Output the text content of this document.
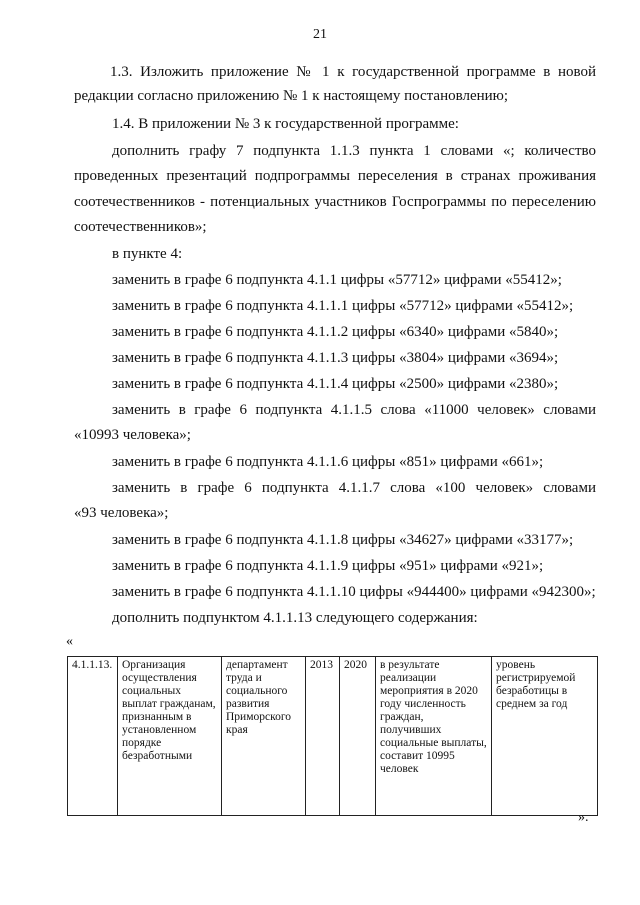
21
1.3. Изложить приложение № 1 к государственной программе в новой
редакции согласно приложению № 1 к настоящему постановлению;
1.4. В приложении № 3 к государственной программе:
дополнить графу 7 подпункта 1.1.3 пункта 1 словами «; количество
проведенных презентаций подпрограммы переселения в странах проживания
соотечественников - потенциальных участников Госпрограммы по переселению
соотечественников»;
в пункте 4:
заменить в графе 6 подпункта 4.1.1 цифры «57712» цифрами «55412»;
заменить в графе 6 подпункта 4.1.1.1 цифры «57712» цифрами «55412»;
заменить в графе 6 подпункта 4.1.1.2 цифры «6340» цифрами «5840»;
заменить в графе 6 подпункта 4.1.1.3 цифры «3804» цифрами «3694»;
заменить в графе 6 подпункта 4.1.1.4 цифры «2500» цифрами «2380»;
заменить в графе 6 подпункта 4.1.1.5 слова «11000 человек» словами
«10993 человека»;
заменить в графе 6 подпункта 4.1.1.6 цифры «851» цифрами «661»;
заменить в графе 6 подпункта 4.1.1.7 слова «100 человек» словами
«93 человека»;
заменить в графе 6 подпункта 4.1.1.8 цифры «34627» цифрами «33177»;
заменить в графе 6 подпункта 4.1.1.9 цифры «951» цифрами «921»;
заменить в графе 6 подпункта 4.1.1.10 цифры «944400» цифрами «942300»;
дополнить подпунктом 4.1.1.13 следующего содержания:
«
4.1.1.13.	Организация осуществления социальных выплат гражданам, признанным в установленном порядке безработными	департамент труда и социального развития Приморского края	2013	2020	в результате реализации мероприятия в 2020 году численность граждан, получивших социальные выплаты, составит 10995 человек	уровень регистрируемой безработицы в среднем за год
».
